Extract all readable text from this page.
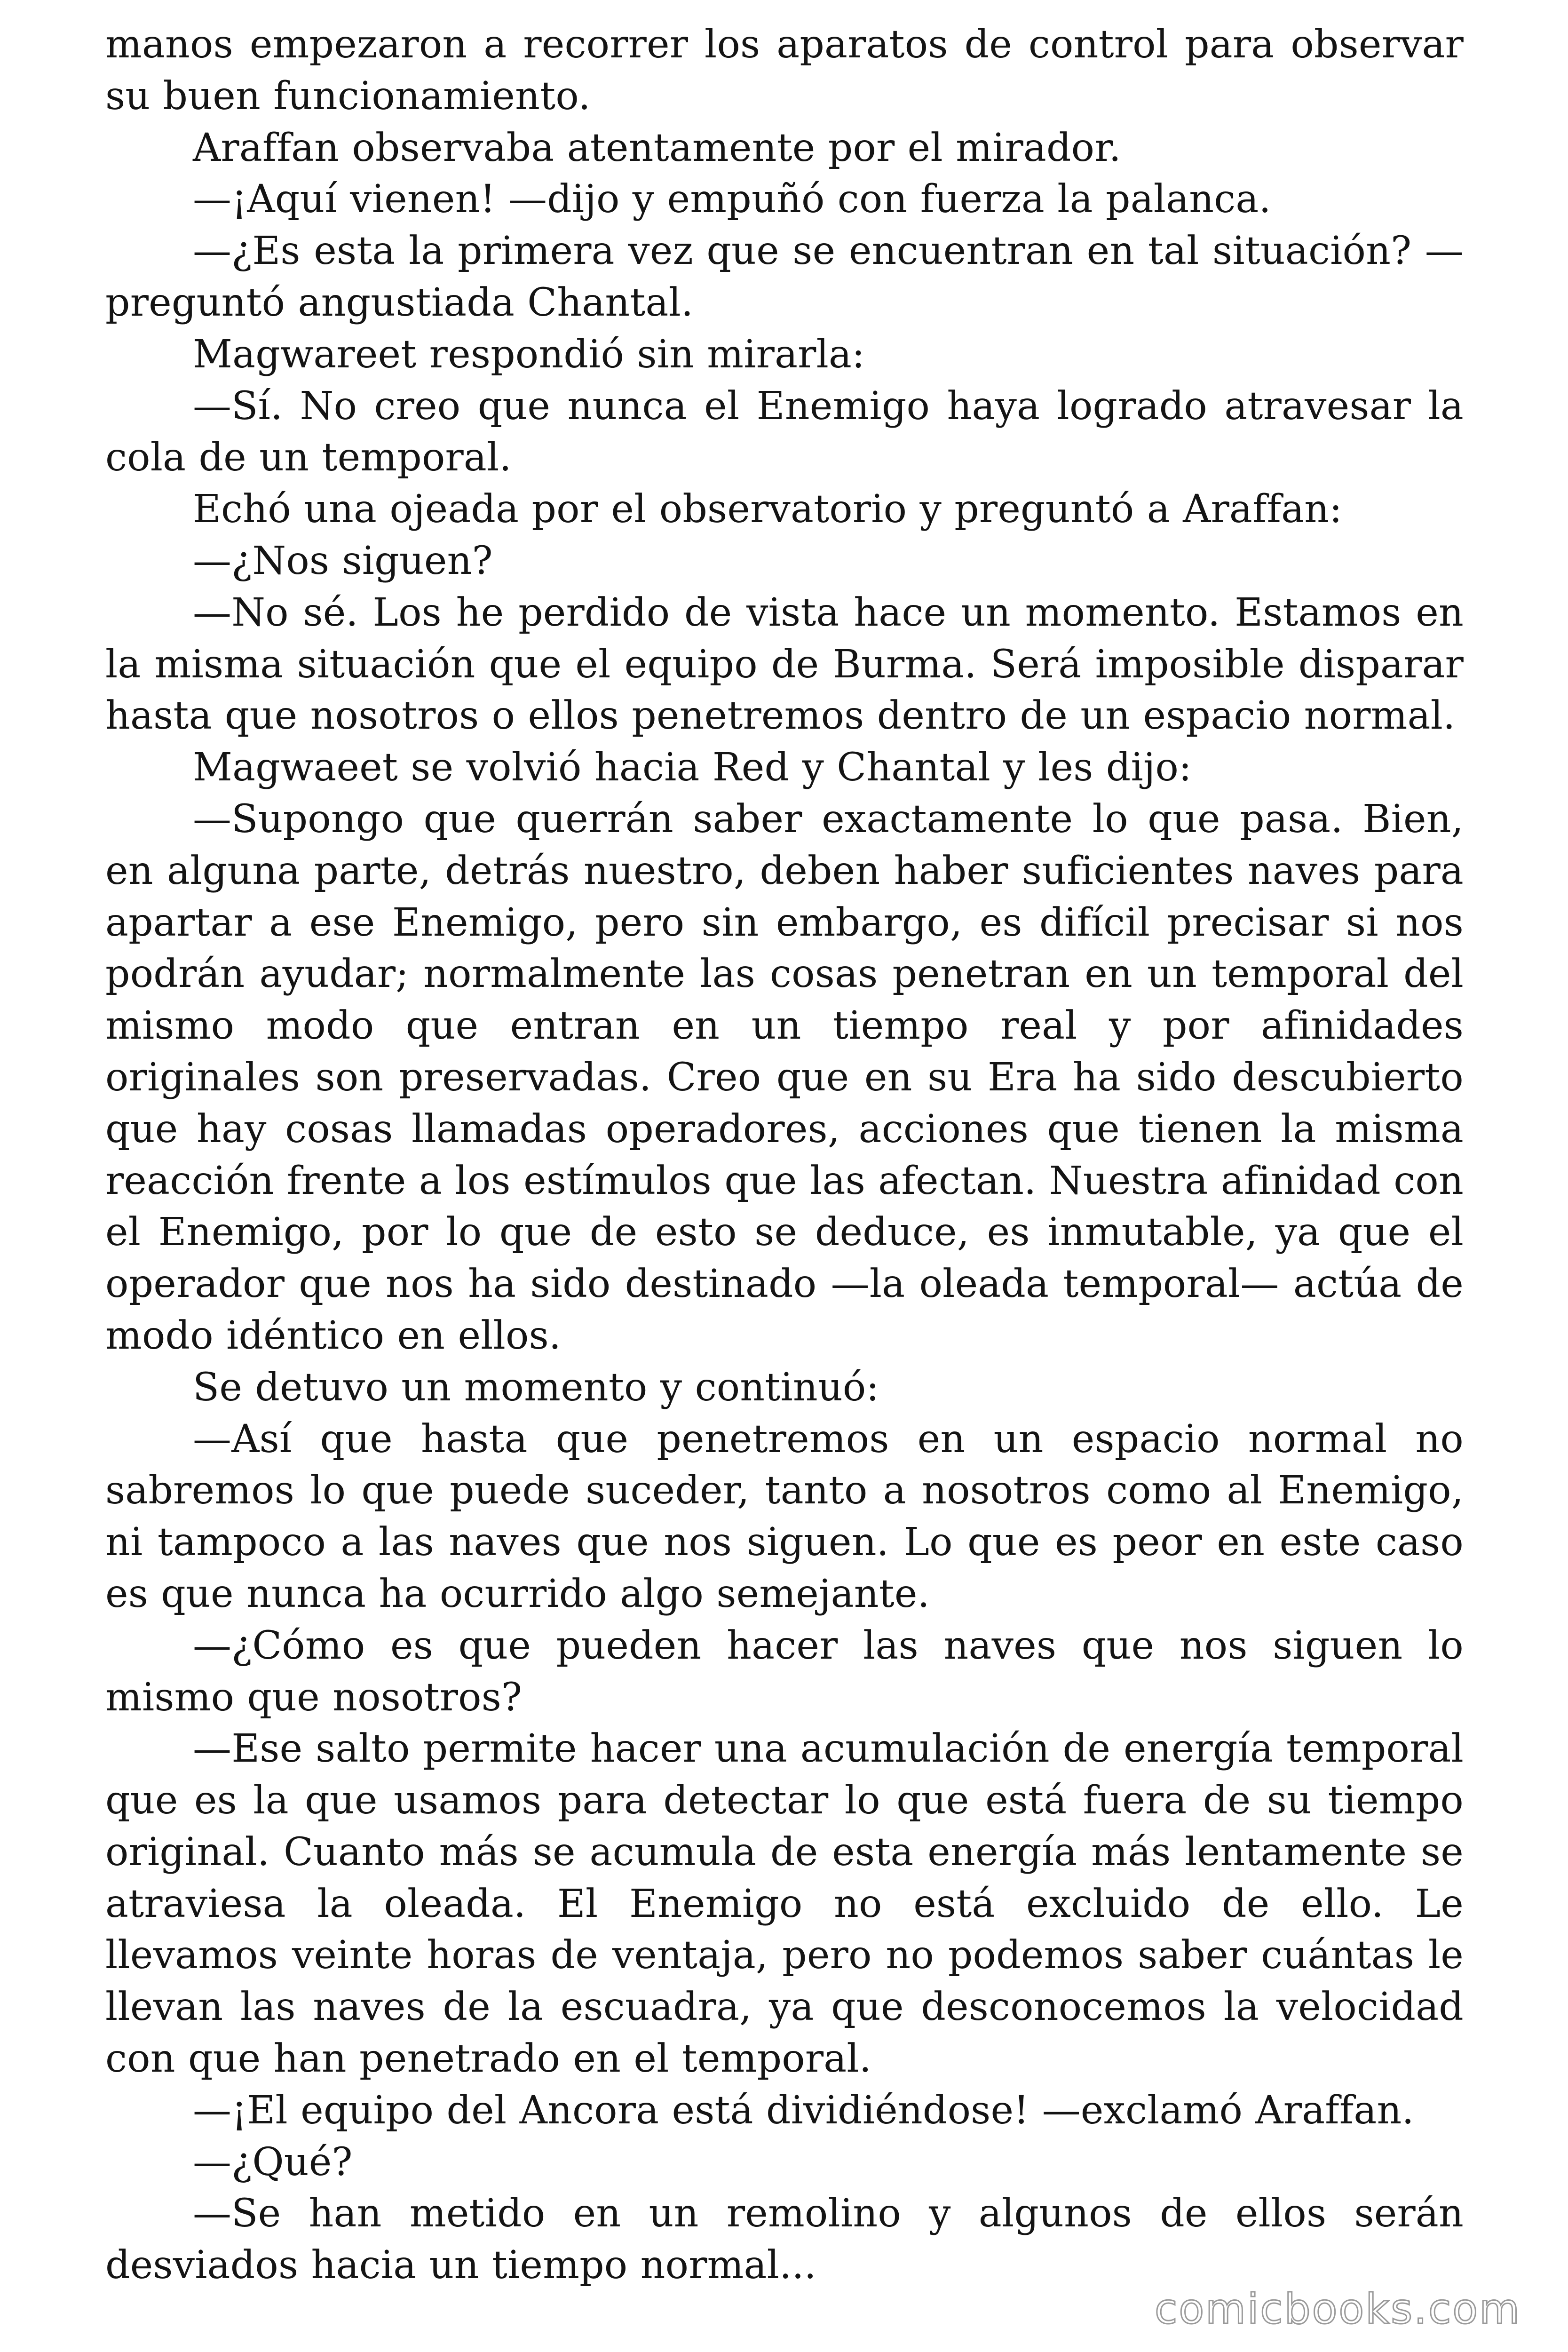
manos empezaron a recorrer los aparatos de control para observar su buen funcionamiento.

Araffan observaba atentamente por el mirador.

—¡Aquí vienen! —dijo y empuñó con fuerza la palanca.

—¿Es esta la primera vez que se encuentran en tal situación? —preguntó angustiada Chantal.

Magwareet respondió sin mirarla:

—Sí. No creo que nunca el Enemigo haya logrado atravesar la cola de un temporal.

Echó una ojeada por el observatorio y preguntó a Araffan:

—¿Nos siguen?

—No sé. Los he perdido de vista hace un momento. Estamos en la misma situación que el equipo de Burma. Será imposible disparar hasta que nosotros o ellos penetremos dentro de un espacio normal.

Magwaeet se volvió hacia Red y Chantal y les dijo:

—Supongo que querrán saber exactamente lo que pasa. Bien, en alguna parte, detrás nuestro, deben haber suficientes naves para apartar a ese Enemigo, pero sin embargo, es difícil precisar si nos podrán ayudar; normalmente las cosas penetran en un temporal del mismo modo que entran en un tiempo real y por afinidades originales son preservadas. Creo que en su Era ha sido descubierto que hay cosas llamadas operadores, acciones que tienen la misma reacción frente a los estímulos que las afectan. Nuestra afinidad con el Enemigo, por lo que de esto se deduce, es inmutable, ya que el operador que nos ha sido destinado —la oleada temporal— actúa de modo idéntico en ellos.

Se detuvo un momento y continuó:

—Así que hasta que penetremos en un espacio normal no sabremos lo que puede suceder, tanto a nosotros como al Enemigo, ni tampoco a las naves que nos siguen. Lo que es peor en este caso es que nunca ha ocurrido algo semejante.

—¿Cómo es que pueden hacer las naves que nos siguen lo mismo que nosotros?

—Ese salto permite hacer una acumulación de energía temporal que es la que usamos para detectar lo que está fuera de su tiempo original. Cuanto más se acumula de esta energía más lentamente se atraviesa la oleada. El Enemigo no está excluido de ello. Le llevamos veinte horas de ventaja, pero no podemos saber cuántas le llevan las naves de la escuadra, ya que desconocemos la velocidad con que han penetrado en el temporal.

—¡El equipo del Ancora está dividiéndose! —exclamó Araffan.

—¿Qué?

—Se han metido en un remolino y algunos de ellos serán desviados hacia un tiempo normal...

comicbooks.com
